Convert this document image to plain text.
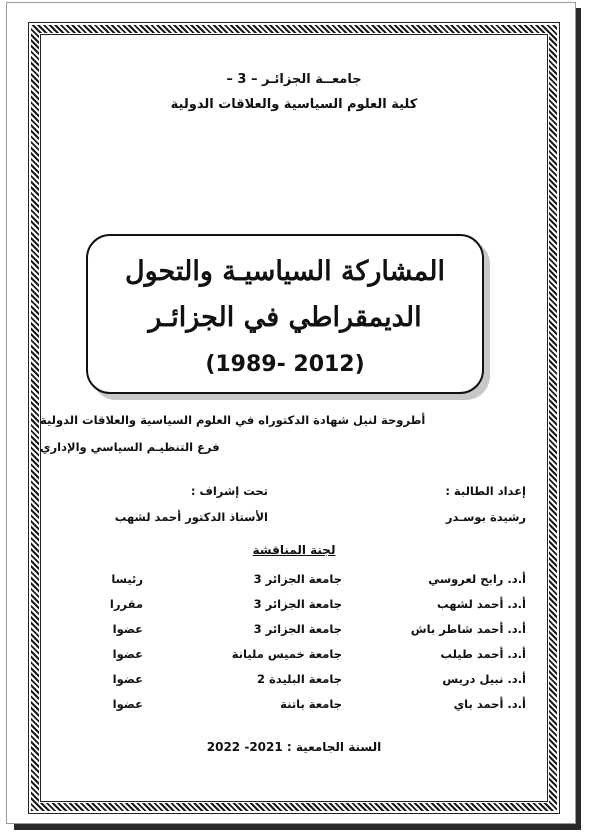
جامعــة الجزائـر – 3 –
كلية العلوم السياسية والعلاقات الدولية
المشاركة السياسيـة والتحول
الديمقراطي في الجزائـر
(1989- 2012)
أطروحة لنيل شهادة الدكتوراه في العلوم السياسية والعلاقات الدولية
فرع التنظيـم السياسي والإداري
إعداد الطالبة :
تحت إشراف :
رشيدة بوسـدر
الأستاذ الدكتور أحمد لشهب
لجنة المناقشة
أ.د. رابح لعروسي
جامعة الجزائر 3
رئيسا
أ.د. أحمد لشهب
جامعة الجزائر 3
مقررا
أ.د. أحمد شاطر باش
جامعة الجزائر 3
عضوا
أ.د. أحمد طيلب
جامعة خميس مليانة
عضوا
أ.د. نبيل دريس
جامعة البليدة 2
عضوا
أ.د. أحمد باي
جامعة باتنة
عضوا
السنة الجامعية : 2021- 2022
